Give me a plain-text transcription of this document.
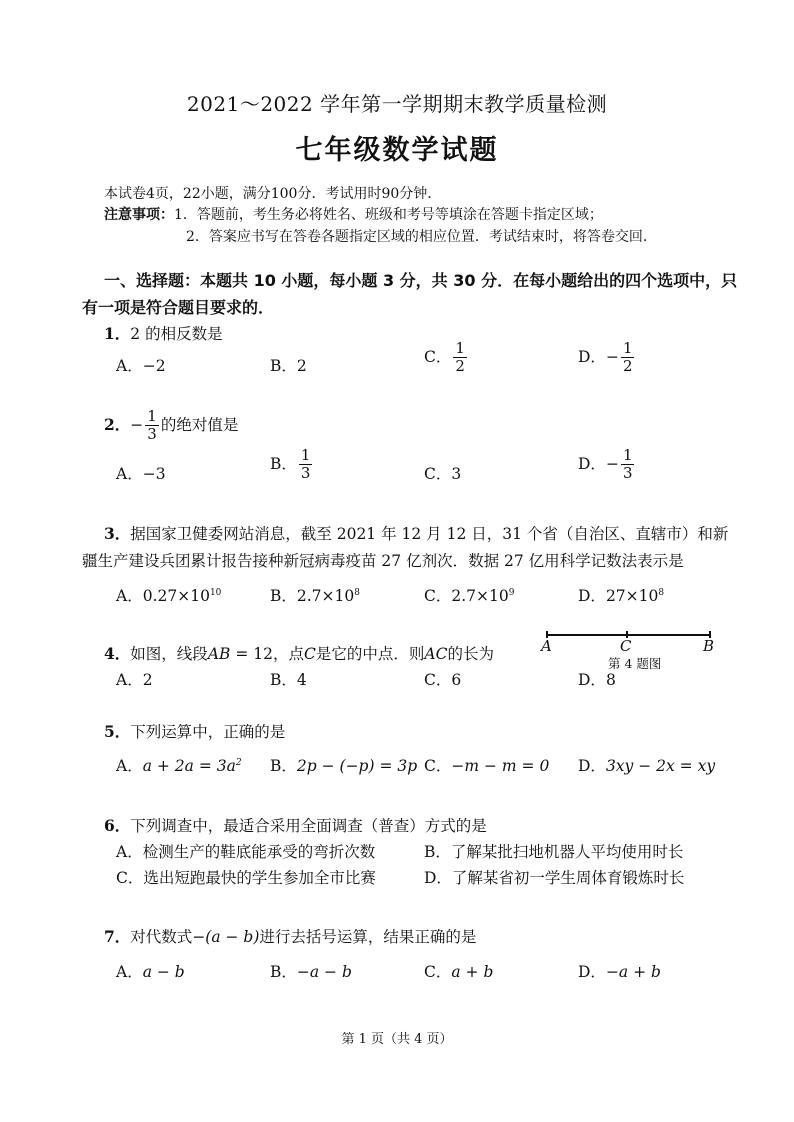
2021～2022 学年第一学期期末教学质量检测
七年级数学试题
本试卷4页，22小题，满分100分．考试用时90分钟．
注意事项：1．答题前，考生务必将姓名、班级和考号等填涂在答题卡指定区域；
2．答案应书写在答卷各题指定区域的相应位置．考试结束时，将答卷交回．
一、选择题：本题共 10 小题，每小题 3 分，共 30 分．在每小题给出的四个选项中，只
有一项是符合题目要求的．
1．2 的相反数是
A．−2	B．2
C． $\frac{1}{2}$	D．− $\frac{1}{2}$
2．− $\frac{1}{3}$ 的绝对值是
A．−3
B． $\frac{1}{3}$	C．3
D．− $\frac{1}{3}$
3．据国家卫健委网站消息，截至 2021 年 12 月 12 日，31 个省（自治区、直辖市）和新
疆生产建设兵团累计报告接种新冠病毒疫苗 27 亿剂次．数据 27 亿用科学记数法表示是
A．$0.27\times 10^{10}$	B．$2.7\times 10^8$	C．$2.7\times 10^9$	D．$27\times 10^8$
4．如图，线段AB = 12，点C是它的中点．则AC的长为
A．2	B．4	C．6	D．8
A	C	B
第 4 题图
5．下列运算中，正确的是
A．$a + 2a = 3a^2$ B．2p − (−p) = 3p C．−m − m = 0 D．3xy − 2x = xy
6．下列调查中，最适合采用全面调查（普查）方式的是
A．检测生产的鞋底能承受的弯折次数	B．了解某批扫地机器人平均使用时长
C．选出短跑最快的学生参加全市比赛	D．了解某省初一学生周体育锻炼时长
7．对代数式−(a − b)进行去括号运算，结果正确的是
A．a − b	B．−a − b	C．a + b	D．−a + b
第 1 页（共 4 页）
